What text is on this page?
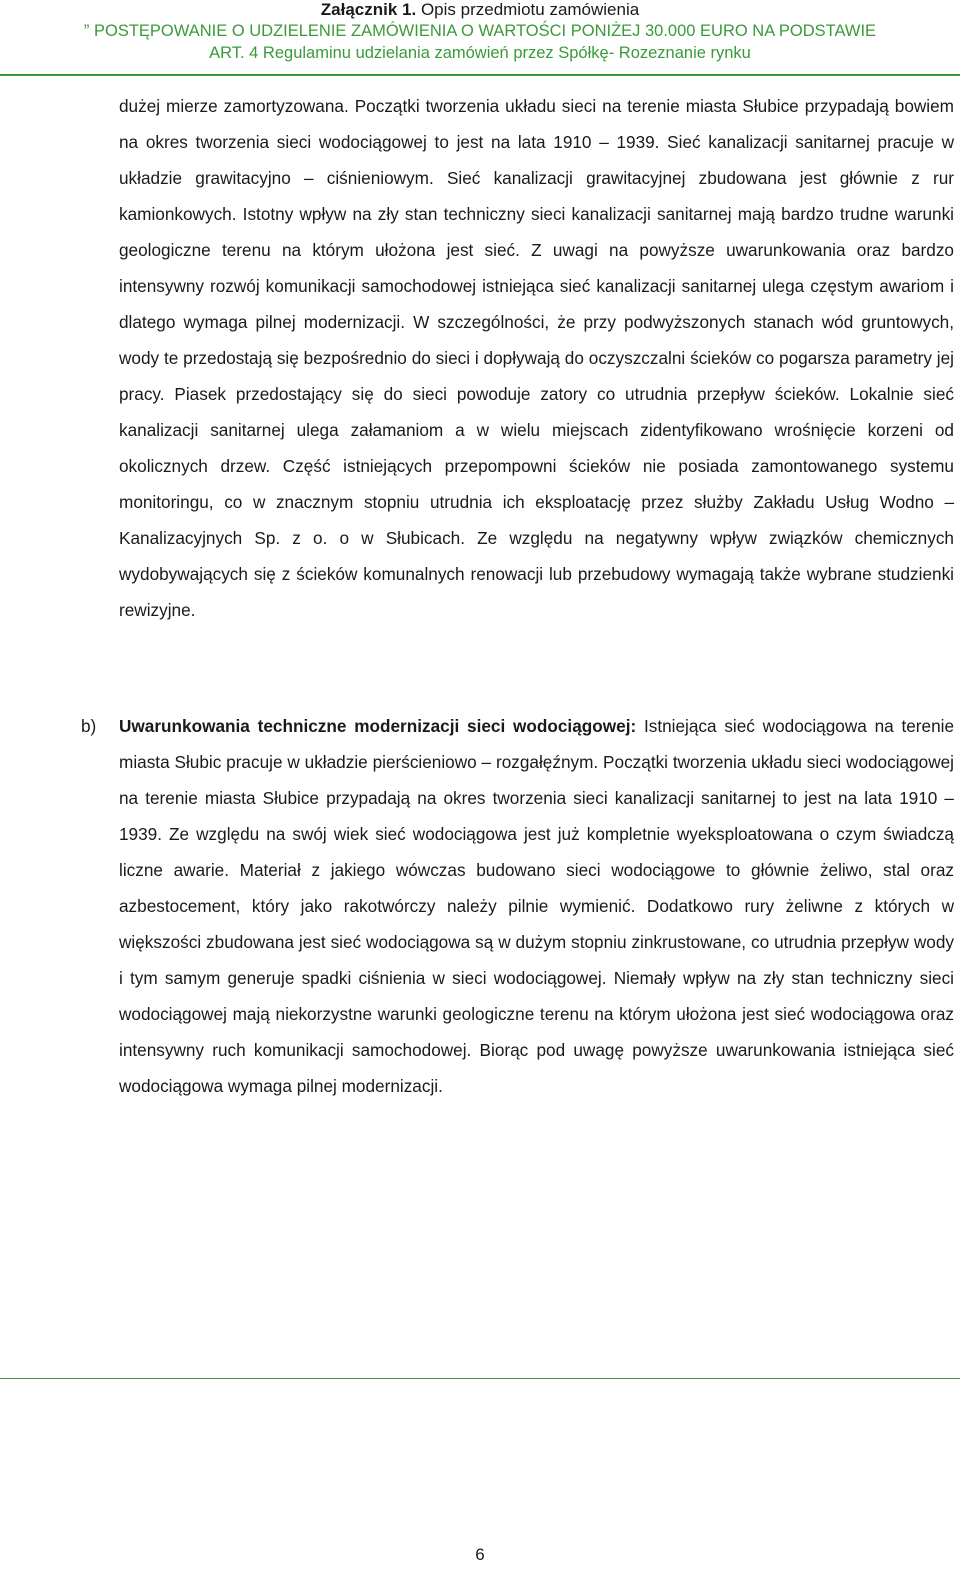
Załącznik 1. Opis przedmiotu zamówienia
” POSTĘPOWANIE O UDZIELENIE ZAMÓWIENIA O WARTOŚCI PONIŻEJ 30.000 EURO NA PODSTAWIE
ART. 4 Regulaminu udzielania zamówień przez Spółkę- Rozeznanie rynku

dużej mierze zamortyzowana. Początki tworzenia układu sieci na terenie miasta Słubice przypadają bowiem na okres tworzenia sieci wodociągowej to jest na lata 1910 – 1939. Sieć kanalizacji sanitarnej pracuje w układzie grawitacyjno – ciśnieniowym. Sieć kanalizacji grawitacyjnej zbudowana jest głównie z rur kamionkowych. Istotny wpływ na zły stan techniczny sieci kanalizacji sanitarnej mają bardzo trudne warunki geologiczne terenu na którym ułożona jest sieć. Z uwagi na powyższe uwarunkowania oraz bardzo intensywny rozwój komunikacji samochodowej istniejąca sieć kanalizacji sanitarnej ulega częstym awariom i dlatego wymaga pilnej modernizacji. W szczególności, że przy podwyższonych stanach wód gruntowych, wody te przedostają się bezpośrednio do sieci i dopływają do oczyszczalni ścieków co pogarsza parametry jej pracy. Piasek przedostający się do sieci powoduje zatory co utrudnia przepływ ścieków. Lokalnie sieć kanalizacji sanitarnej ulega załamaniom a w wielu miejscach zidentyfikowano wrośnięcie korzeni od okolicznych drzew. Część istniejących przepompowni ścieków nie posiada zamontowanego systemu monitoringu, co w znacznym stopniu utrudnia ich eksploatację przez służby Zakładu Usług Wodno – Kanalizacyjnych Sp. z o. o w Słubicach. Ze względu na negatywny wpływ związków chemicznych wydobywających się z ścieków komunalnych renowacji lub przebudowy wymagają także wybrane studzienki rewizyjne.

b) Uwarunkowania techniczne modernizacji sieci wodociągowej: Istniejąca sieć wodociągowa na terenie miasta Słubic pracuje w układzie pierścieniowo – rozgałęźnym. Początki tworzenia układu sieci wodociągowej na terenie miasta Słubice przypadają na okres tworzenia sieci kanalizacji sanitarnej to jest na lata 1910 – 1939. Ze względu na swój wiek sieć wodociągowa jest już kompletnie wyeksploatowana o czym świadczą liczne awarie. Materiał z jakiego wówczas budowano sieci wodociągowe to głównie żeliwo, stal oraz azbestocement, który jako rakotwórczy należy pilnie wymienić. Dodatkowo rury żeliwne z których w większości zbudowana jest sieć wodociągowa są w dużym stopniu zinkrustowane, co utrudnia przepływ wody i tym samym generuje spadki ciśnienia w sieci wodociągowej. Niemały wpływ na zły stan techniczny sieci wodociągowej mają niekorzystne warunki geologiczne terenu na którym ułożona jest sieć wodociągowa oraz intensywny ruch komunikacji samochodowej. Biorąc pod uwagę powyższe uwarunkowania istniejąca sieć wodociągowa wymaga pilnej modernizacji.
6
